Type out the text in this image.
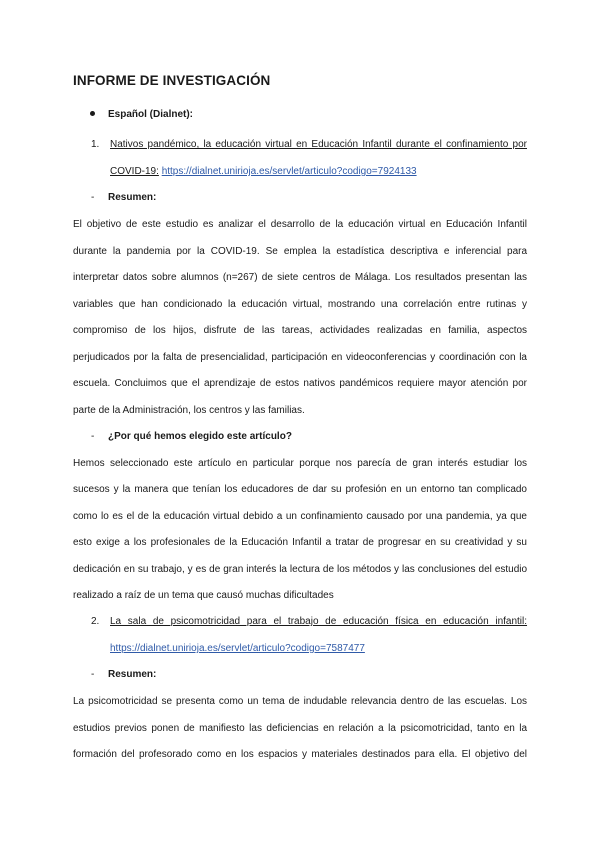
INFORME DE INVESTIGACIÓN
Español (Dialnet):
1. Nativos pandémico, la educación virtual en Educación Infantil durante el confinamiento por
COVID-19: https://dialnet.unirioja.es/servlet/articulo?codigo=7924133
- Resumen:
El objetivo de este estudio es analizar el desarrollo de la educación virtual en Educación Infantil
durante la pandemia por la COVID-19. Se emplea la estadística descriptiva e inferencial para
interpretar datos sobre alumnos (n=267) de siete centros de Málaga. Los resultados presentan las
variables que han condicionado la educación virtual, mostrando una correlación entre rutinas y
compromiso de los hijos, disfrute de las tareas, actividades realizadas en familia, aspectos
perjudicados por la falta de presencialidad, participación en videoconferencias y coordinación con la
escuela. Concluimos que el aprendizaje de estos nativos pandémicos requiere mayor atención por
parte de la Administración, los centros y las familias.
- ¿Por qué hemos elegido este artículo?
Hemos seleccionado este artículo en particular porque nos parecía de gran interés estudiar los
sucesos y la manera que tenían los educadores de dar su profesión en un entorno tan complicado
como lo es el de la educación virtual debido a un confinamiento causado por una pandemia, ya que
esto exige a los profesionales de la Educación Infantil a tratar de progresar en su creatividad y su
dedicación en su trabajo, y es de gran interés la lectura de los métodos y las conclusiones del estudio
realizado a raíz de un tema que causó muchas dificultades
2. La sala de psicomotricidad para el trabajo de educación física en educación infantil:
https://dialnet.unirioja.es/servlet/articulo?codigo=7587477
- Resumen:
La psicomotricidad se presenta como un tema de indudable relevancia dentro de las escuelas. Los
estudios previos ponen de manifiesto las deficiencias en relación a la psicomotricidad, tanto en la
formación del profesorado como en los espacios y materiales destinados para ella. El objetivo del
